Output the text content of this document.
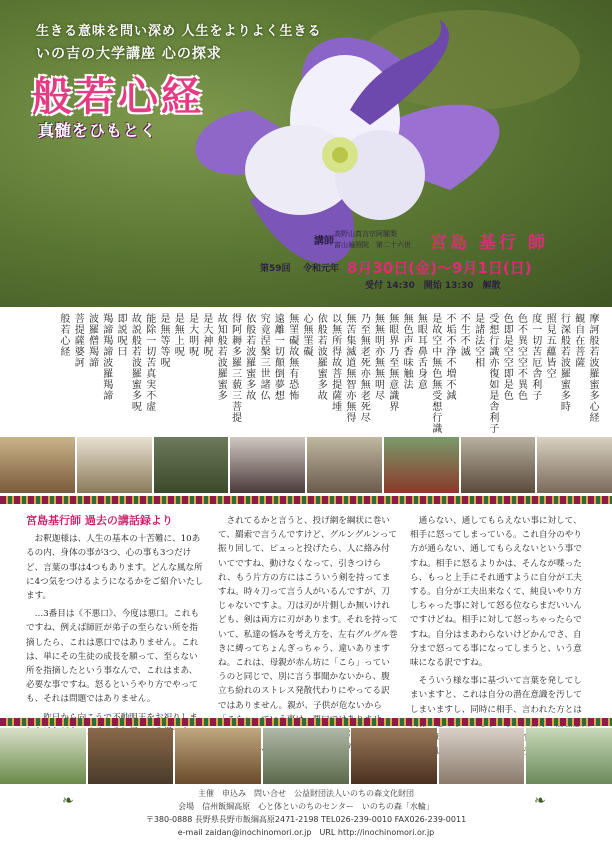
生きる意味を問い深め 人生をよりよく生きる
いの吉の大学講座 心の探求
般若心経
真髄をひもとく
講師
高野山真言宗阿闍梨
富山遍照院　第二十六世 宮島 基行 師
第59回 令和元年 8月30日(金)〜9月1日(日)
受付 14:30　開始 13:30　解散
摩訶般若波羅蜜多心経
観自在菩薩
行深般若波羅蜜多時
照見五蘊皆空
度一切苦厄舎利子
色不異空空不異色
色即是空空即是色
受想行識亦復如是舎利子
是諸法空相
不生不滅
不垢不浄不増不減
是故空中無色無受想行識
無眼耳鼻舌身意
無色声香味触法
無眼界乃至無意識界
無無明亦無無明尽
乃至無老死亦無老死尽
無苦集滅道無智亦無得
以無所得故菩提薩埵
依般若波羅蜜多故
心無罣礙
無罣礙故無有恐怖
遠離一切顛倒夢想
究竟涅槃三世諸仏
依般若波羅蜜多故
得阿耨多羅三藐三菩提
故知般若波羅蜜多
是大神呪
是大明呪
是無上呪
是無等等呪
能除一切苦真実不虚
故説般若波羅蜜多呪
即説呪曰
羯諦羯諦波羅羯諦
波羅僧羯諦
菩提薩婆訶
般若心経

宮島基行師 過去の講話録より

お釈迦様は、人生の基本の十苦難に、10あるの内、身体の事が3つ、心の事も3つだけど、言葉の事は4つもあります。どんな風な所に4つ気をつけるようになるかをご紹介いたします。

…3番目は《不悪口》、今度は悪口。これもですね、例えば師匠が弟子の至らない所を指摘したら、これは悪口ではありません。これは、単にその生徒の成長を願って、至らない所を指摘したという事なんで、これはまあ、必要な事ですね。怒るというやり方でやっても、それは問題ではありません。

されてるかと言うと、投げ網を綱状に巻いて、羂索で言うんですけど、グルングルンって振り回して、ピュっと投げたら、人に絡み付いてですね、動けなくなって、引きつけられ、もう片方の方にはこういう剣を持ってますね。時々刀って言う人がいるんですが、刀じゃないですよ。刀は刃が片側しか無いけれども、剣は両方に刃があります。それを持っていて、私達の悩みを考え方を、左右グルグル巻きに縛ってちょんぎっちゃう、違いありますね。これは、母親が赤ん坊に「こら」っていうのと同じで、別に言う事聞かないから、腹立ち紛れのストレス発散代わりにやってる訳ではありません。親が、子供が危ないから

通らない、通してもらえない事に対して、相手に怒ってしまっている。これ自分のやり方が通らない、通してもらえないという事ですね。相手に怒るよりかは、そんなが喋ったら、もっと上手にそれ通すように自分が工夫する。自分が工夫出来なくて、純良いやり方しちゃった事に対して怒る位ならまだいいんですけどね。相手に対して怒っちゃったらですね。自分はまあわらないけどかんでさ、自分まで怒ってる事になってしまうと、いう意味になる訳ですね。

そういう様な事に基づいて言葉を発してしまいますと、これは自分の潜在意識を汚してしまいますし、同時に相手、言われた方とは

❧	❧
主催　申込み　問い合せ　公益財団法人いのちの森文化財団
会場　信州飯綱高原　心と体といのちのセンター　いのちの森「水輪」
〒380-0888 長野県長野市飯綱高原2471-2198 TEL026-239-0010 FAX026-239-0011
e-mail zaidan@inochinomori.or.jp　URL http://inochinomori.or.jp
